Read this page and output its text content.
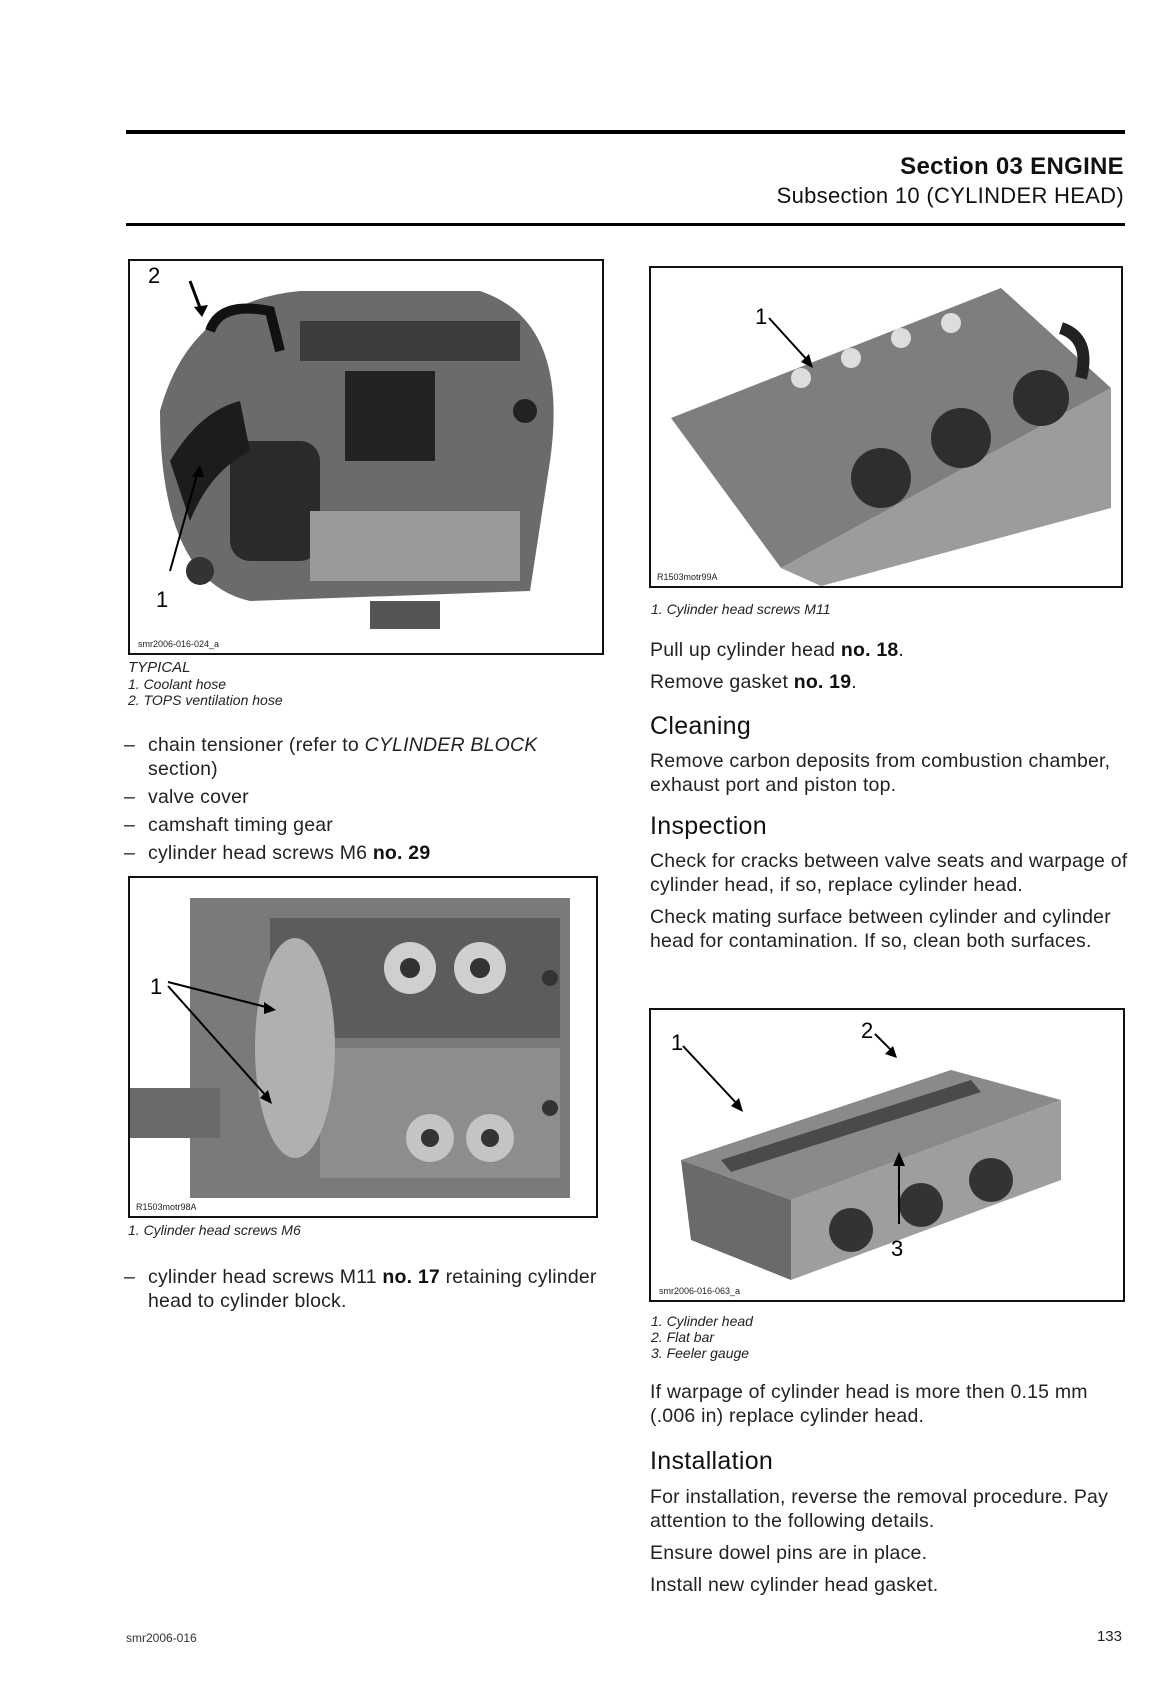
Section 03 ENGINE
Subsection 10 (CYLINDER HEAD)
2
1
smr2006-016-024_a
TYPICAL
1. Coolant hose
2. TOPS ventilation hose
– chain tensioner (refer to CYLINDER BLOCK section)
– valve cover
– camshaft timing gear
– cylinder head screws M6 no. 29
1
R1503motr98A
1. Cylinder head screws M6
– cylinder head screws M11 no. 17 retaining cylinder head to cylinder block.
1
R1503motr99A
1. Cylinder head screws M11

Pull up cylinder head no. 18.

Remove gasket no. 19.

Cleaning

Remove carbon deposits from combustion chamber, exhaust port and piston top.

Inspection

Check for cracks between valve seats and warpage of cylinder head, if so, replace cylinder head.

Check mating surface between cylinder and cylinder head for contamination. If so, clean both surfaces.

1	2
3
smr2006-016-063_a
1. Cylinder head
2. Flat bar
3. Feeler gauge

If warpage of cylinder head is more then 0.15 mm (.006 in) replace cylinder head.

Installation

For installation, reverse the removal procedure. Pay attention to the following details.

Ensure dowel pins are in place.

Install new cylinder head gasket.

smr2006-016	133
